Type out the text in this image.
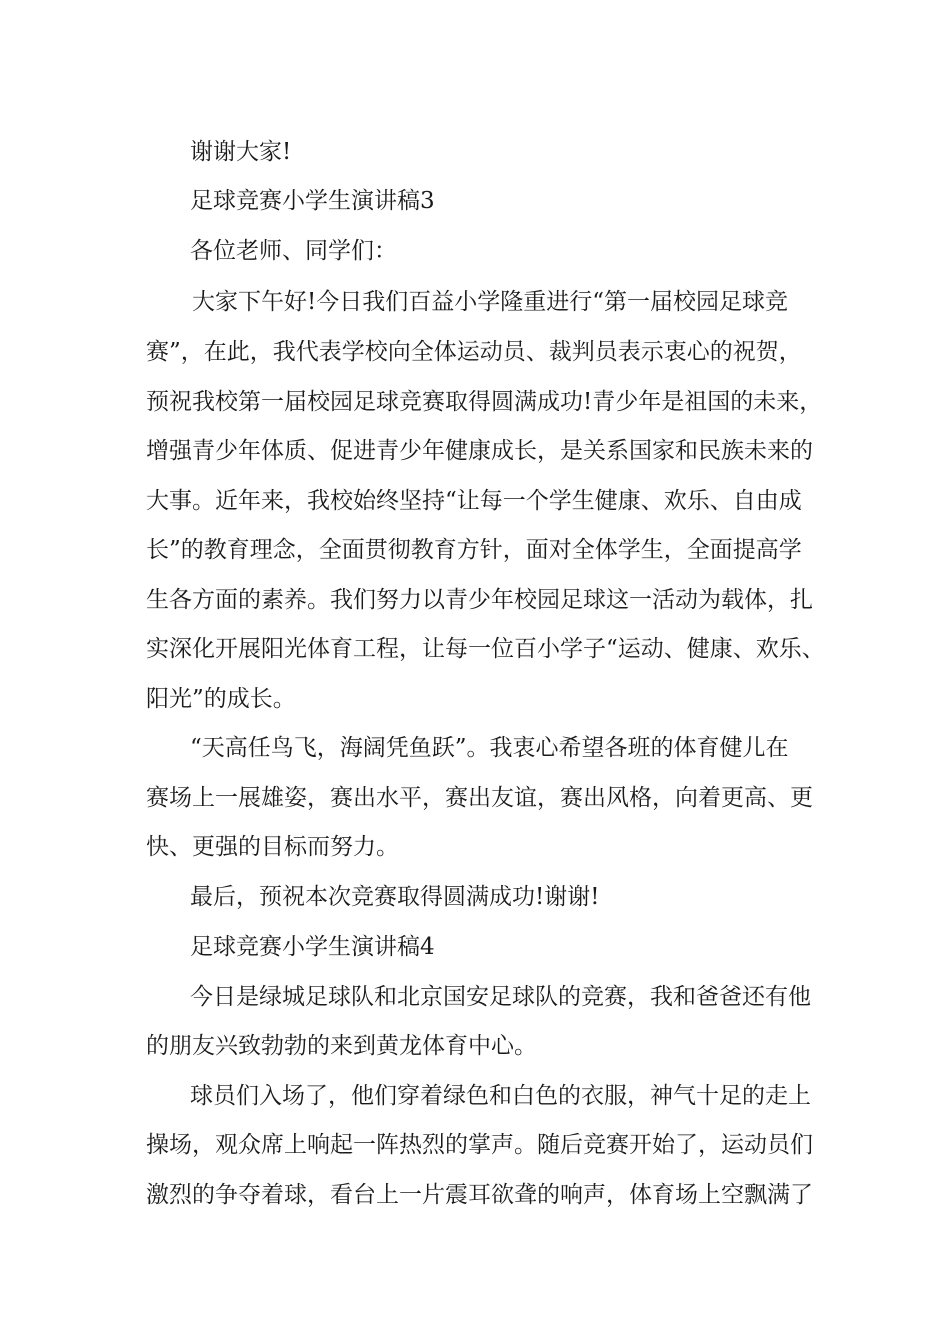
谢谢大家!

足球竞赛小学生演讲稿3

各位老师、同学们：

大家下午好!今日我们百益小学隆重进行“第一届校园足球竞

赛”，在此，我代表学校向全体运动员、裁判员表示衷心的祝贺，

预祝我校第一届校园足球竞赛取得圆满成功!青少年是祖国的未来，

增强青少年体质、促进青少年健康成长，是关系国家和民族未来的

大事。近年来，我校始终坚持“让每一个学生健康、欢乐、自由成

长”的教育理念，全面贯彻教育方针，面对全体学生，全面提高学

生各方面的素养。我们努力以青少年校园足球这一活动为载体，扎

实深化开展阳光体育工程，让每一位百小学子“运动、健康、欢乐、

阳光”的成长。

“天高任鸟飞，海阔凭鱼跃”。我衷心希望各班的体育健儿在

赛场上一展雄姿，赛出水平，赛出友谊，赛出风格，向着更高、更

快、更强的目标而努力。

最后，预祝本次竞赛取得圆满成功!谢谢!

足球竞赛小学生演讲稿4

今日是绿城足球队和北京国安足球队的竞赛，我和爸爸还有他

的朋友兴致勃勃的来到黄龙体育中心。

球员们入场了，他们穿着绿色和白色的衣服，神气十足的走上

操场，观众席上响起一阵热烈的掌声。随后竞赛开始了，运动员们

激烈的争夺着球，看台上一片震耳欲聋的响声，体育场上空飘满了
